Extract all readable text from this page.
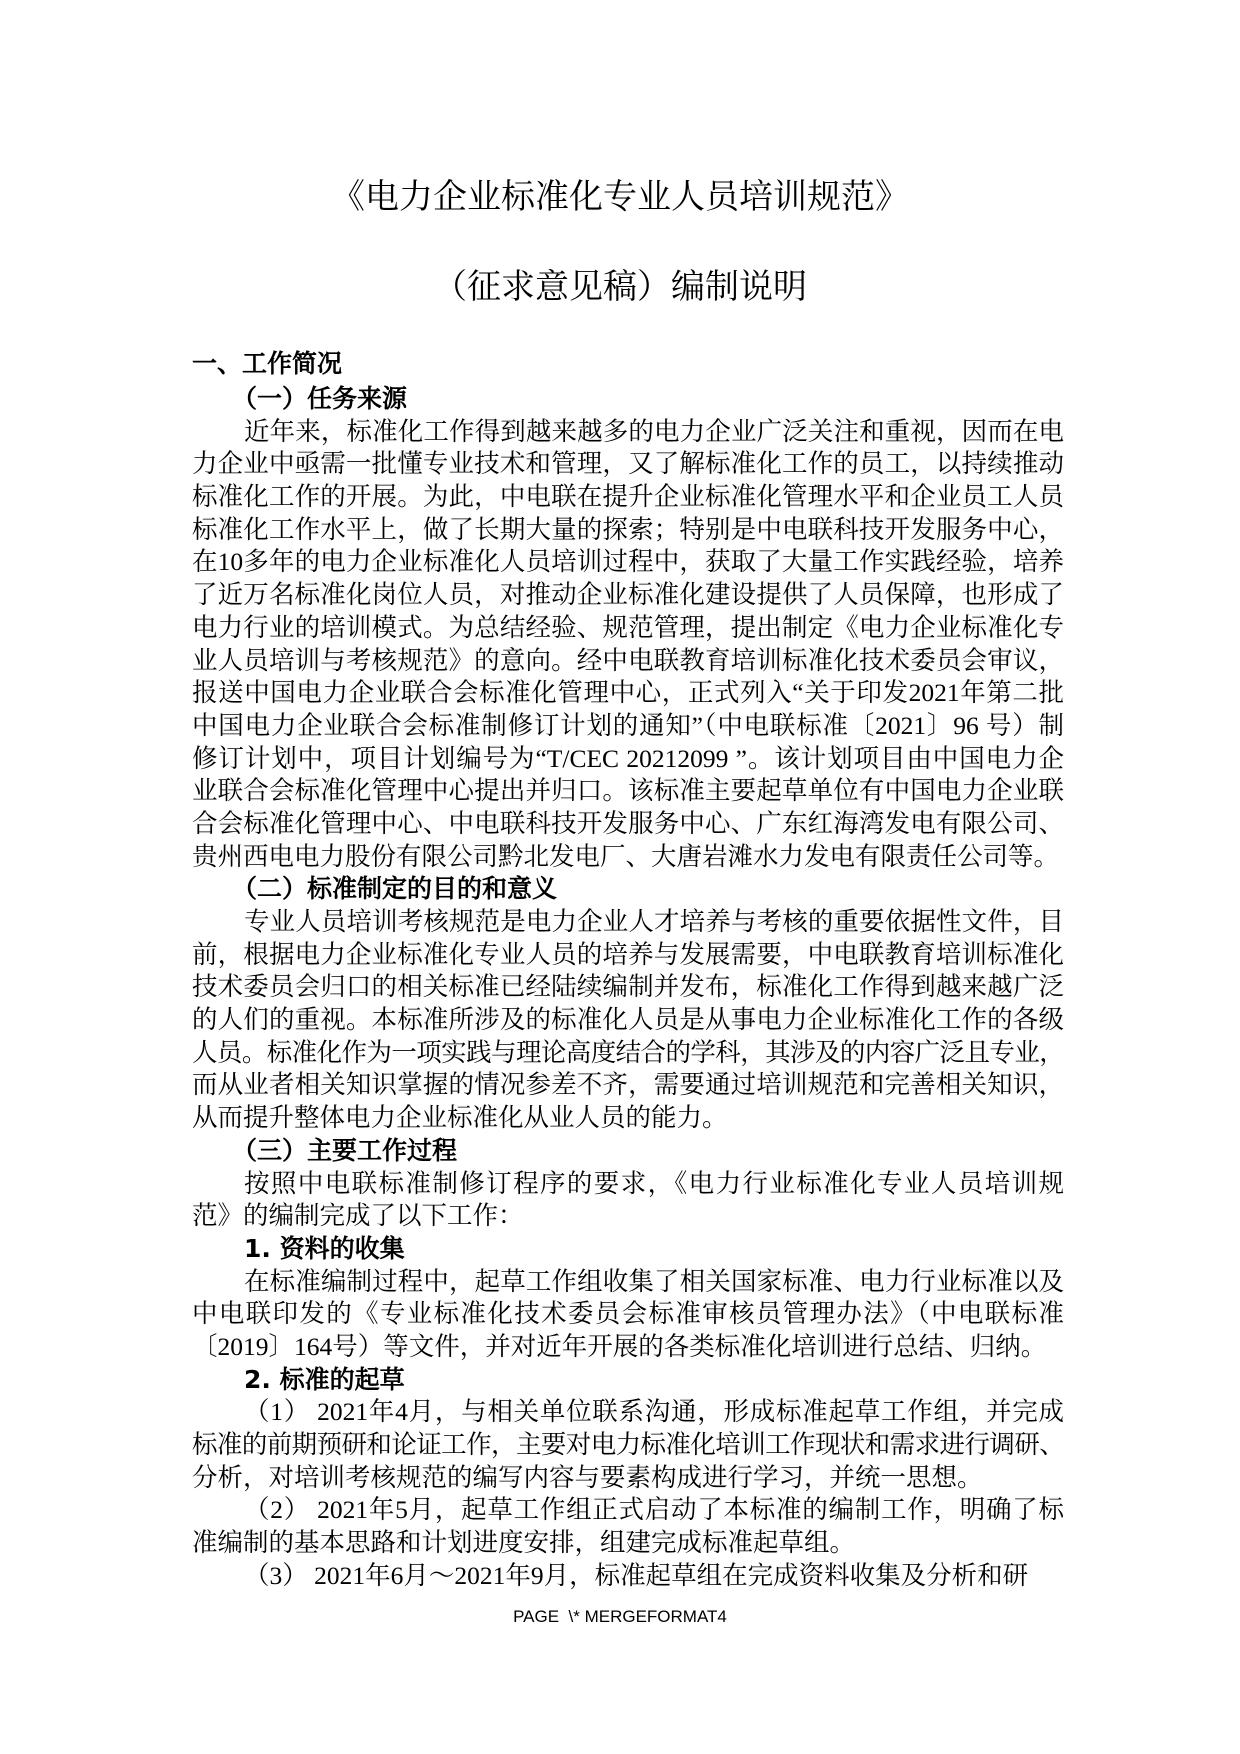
《电力企业标准化专业人员培训规范》
（征求意见稿）编制说明
一、工作简况
（一）任务来源
近年来，标准化工作得到越来越多的电力企业广泛关注和重视，因而在电
力企业中亟需一批懂专业技术和管理，又了解标准化工作的员工，以持续推动
标准化工作的开展。为此，中电联在提升企业标准化管理水平和企业员工人员
标准化工作水平上，做了长期大量的探索；特别是中电联科技开发服务中心，
在10多年的电力企业标准化人员培训过程中，获取了大量工作实践经验，培养
了近万名标准化岗位人员，对推动企业标准化建设提供了人员保障，也形成了
电力行业的培训模式。为总结经验、规范管理，提出制定《电力企业标准化专
业人员培训与考核规范》的意向。经中电联教育培训标准化技术委员会审议，
报送中国电力企业联合会标准化管理中心，正式列入“关于印发2021年第二批
中国电力企业联合会标准制修订计划的通知”（中电联标准〔2021〕96 号）制
修订计划中，项目计划编号为“T/CEC 20212099 ”。该计划项目由中国电力企
业联合会标准化管理中心提出并归口。该标准主要起草单位有中国电力企业联
合会标准化管理中心、中电联科技开发服务中心、广东红海湾发电有限公司、
贵州西电电力股份有限公司黔北发电厂、大唐岩滩水力发电有限责任公司等。
（二）标准制定的目的和意义
专业人员培训考核规范是电力企业人才培养与考核的重要依据性文件，目
前，根据电力企业标准化专业人员的培养与发展需要，中电联教育培训标准化
技术委员会归口的相关标准已经陆续编制并发布，标准化工作得到越来越广泛
的人们的重视。本标准所涉及的标准化人员是从事电力企业标准化工作的各级
人员。标准化作为一项实践与理论高度结合的学科，其涉及的内容广泛且专业，
而从业者相关知识掌握的情况参差不齐，需要通过培训规范和完善相关知识，
从而提升整体电力企业标准化从业人员的能力。
（三）主要工作过程
按照中电联标准制修订程序的要求，《电力行业标准化专业人员培训规
范》的编制完成了以下工作：
1. 资料的收集
在标准编制过程中，起草工作组收集了相关国家标准、电力行业标准以及
中电联印发的《专业标准化技术委员会标准审核员管理办法》（中电联标准
〔2019〕164号）等文件，并对近年开展的各类标准化培训进行总结、归纳。
2. 标准的起草
（1） 2021年4月，与相关单位联系沟通，形成标准起草工作组，并完成
标准的前期预研和论证工作，主要对电力标准化培训工作现状和需求进行调研、
分析，对培训考核规范的编写内容与要素构成进行学习，并统一思想。
（2） 2021年5月，起草工作组正式启动了本标准的编制工作，明确了标
准编制的基本思路和计划进度安排，组建完成标准起草组。
（3） 2021年6月～2021年9月，标准起草组在完成资料收集及分析和研
PAGE  \* MERGEFORMAT4
